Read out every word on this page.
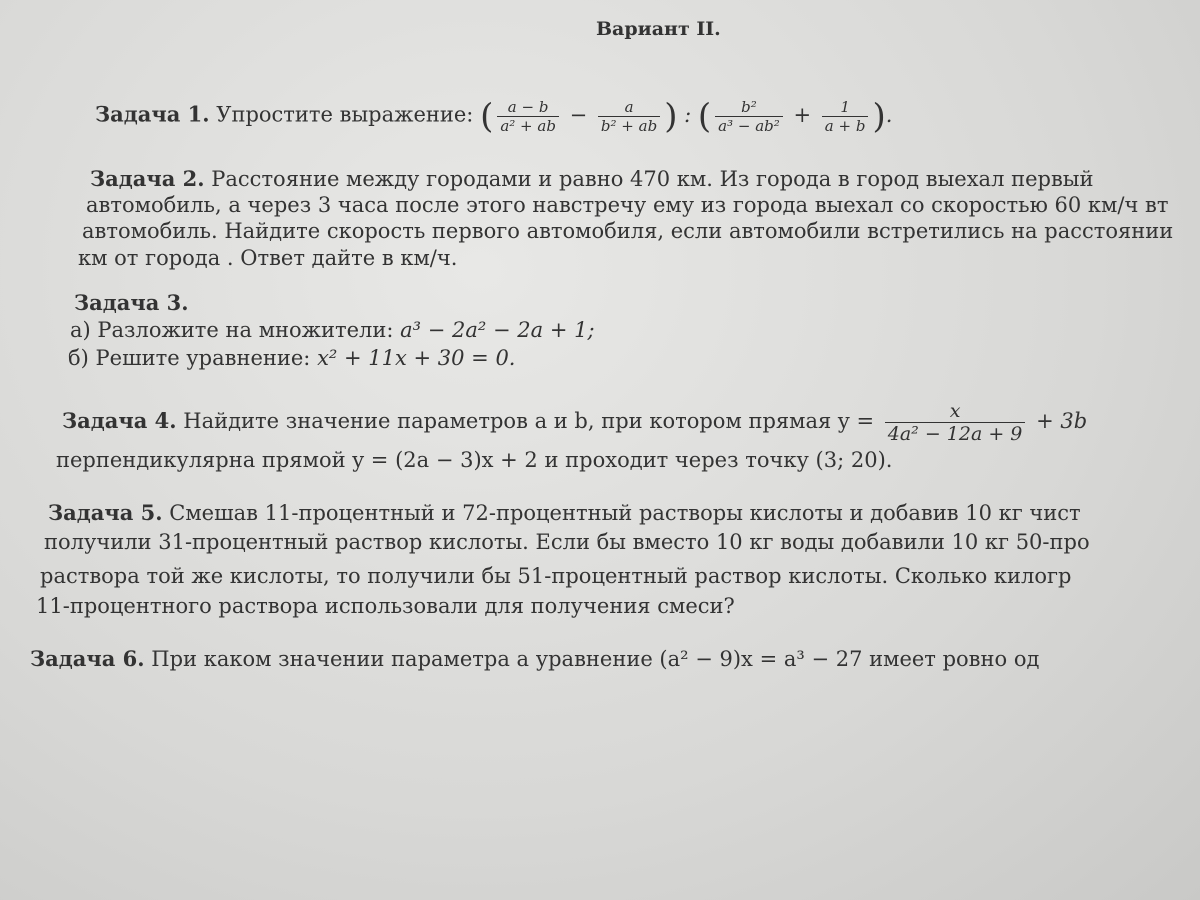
Вариант II.
Задача 1. Упростите выражение: ( $\frac{a - b}{\text{a² + ab}} - \frac{a}{\text{b² + ab}}$ ) : ( $\frac{\text{b²}}{\text{a³ − ab²}} + \frac{1}{a + b}$ ).
Задача 2. Расстояние между городами и равно 470 км. Из города в город выехал первый
автомобиль, а через 3 часа после этого навстречу ему из города выехал со скоростью 60 км/ч вт
автомобиль. Найдите скорость первого автомобиля, если автомобили встретились на расстоянии
км от города . Ответ дайте в км/ч.
Задача 3.
а) Разложите на множители: a³ − 2a² − 2a + 1;
б) Решите уравнение: x² + 11x + 30 = 0.
Задача 4. Найдите значение параметров a и b, при котором прямая $y = \frac{x}{\text{4a² − 12a + 9}} + 3b$
перпендикулярна прямой y = (2a − 3)x + 2 и проходит через точку (3; 20).
Задача 5. Смешав 11-процентный и 72-процентный растворы кислоты и добавив 10 кг чист
получили 31-процентный раствор кислоты. Если бы вместо 10 кг воды добавили 10 кг 50-про
раствора той же кислоты, то получили бы 51-процентный раствор кислоты. Сколько килогр
11-процентного раствора использовали для получения смеси?
Задача 6. При каком значении параметра a уравнение (a² − 9)x = a³ − 27 имеет ровно од
